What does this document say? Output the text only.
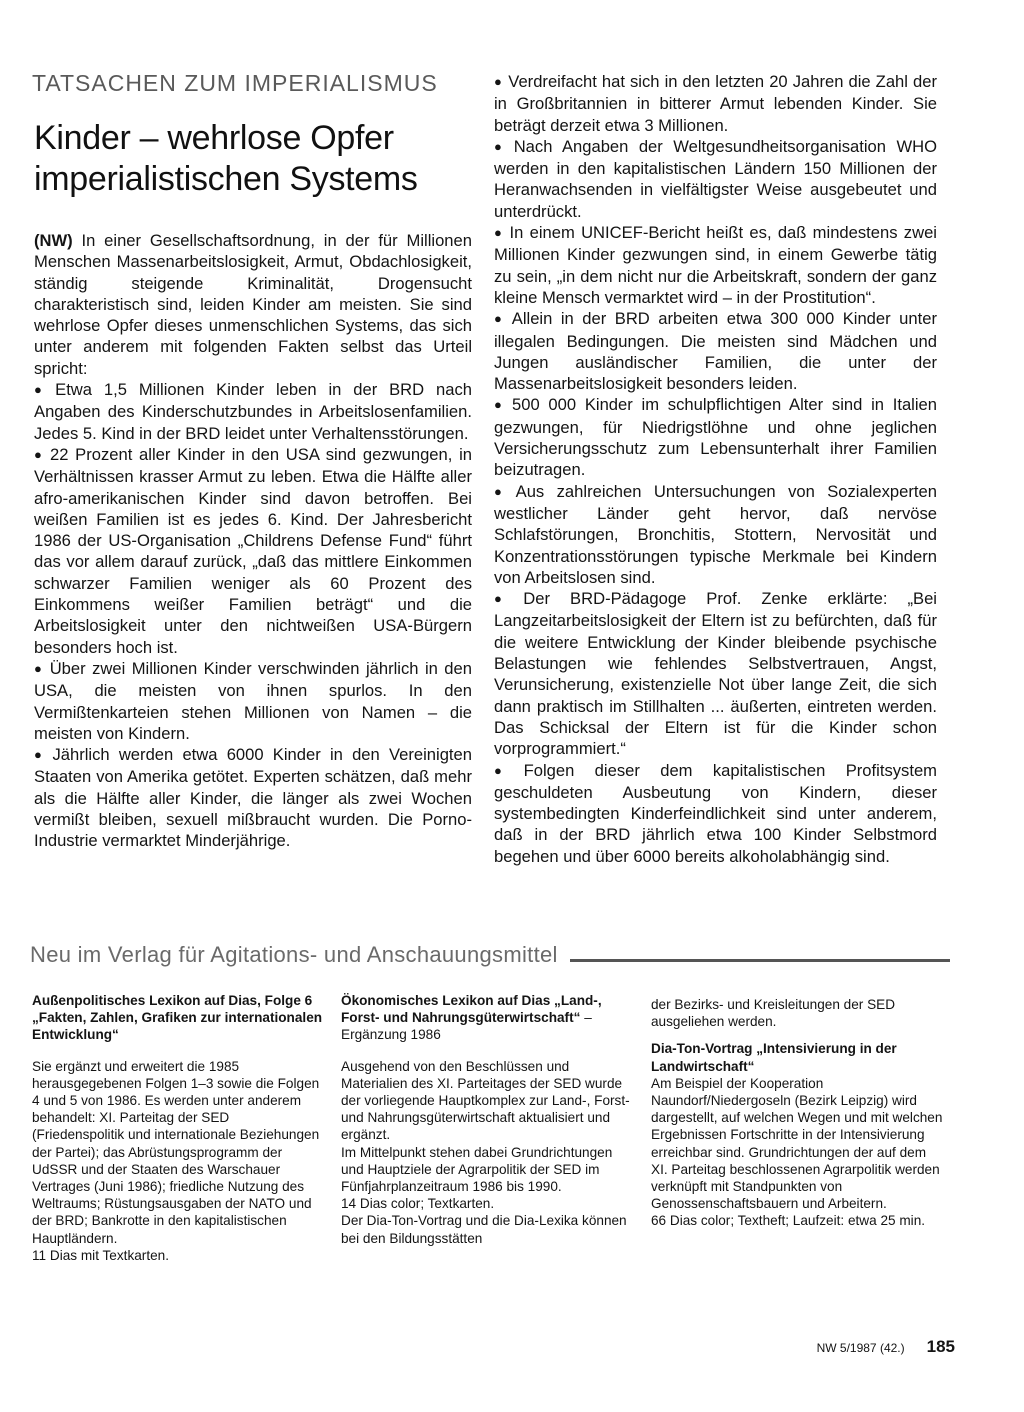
TATSACHEN ZUM IMPERIALISMUS
Kinder – wehrlose Opfer imperialistischen Systems

(NW) In einer Gesellschaftsordnung, in der für Millionen Menschen Massenarbeitslosigkeit, Armut, Obdachlosigkeit, ständig steigende Kriminalität, Drogensucht charakteristisch sind, leiden Kinder am meisten. Sie sind wehrlose Opfer dieses unmenschlichen Systems, das sich unter anderem mit folgenden Fakten selbst das Urteil spricht:

● Etwa 1,5 Millionen Kinder leben in der BRD nach Angaben des Kinderschutzbundes in Arbeitslosenfamilien. Jedes 5. Kind in der BRD leidet unter Verhaltensstörungen.

● 22 Prozent aller Kinder in den USA sind gezwungen, in Verhältnissen krasser Armut zu leben. Etwa die Hälfte aller afro-amerikanischen Kinder sind davon betroffen. Bei weißen Familien ist es jedes 6. Kind. Der Jahresbericht 1986 der US-Organisation „Childrens Defense Fund“ führt das vor allem darauf zurück, „daß das mittlere Einkommen schwarzer Familien weniger als 60 Prozent des Einkommens weißer Familien beträgt“ und die Arbeitslosigkeit unter den nichtweißen USA-Bürgern besonders hoch ist.

● Über zwei Millionen Kinder verschwinden jährlich in den USA, die meisten von ihnen spurlos. In den Vermißtenkarteien stehen Millionen von Namen – die meisten von Kindern.

● Jährlich werden etwa 6000 Kinder in den Vereinigten Staaten von Amerika getötet. Experten schätzen, daß mehr als die Hälfte aller Kinder, die länger als zwei Wochen vermißt bleiben, sexuell mißbraucht wurden. Die Porno-Industrie vermarktet Minderjährige.

● Verdreifacht hat sich in den letzten 20 Jahren die Zahl der in Großbritannien in bitterer Armut lebenden Kinder. Sie beträgt derzeit etwa 3 Millionen.

● Nach Angaben der Weltgesundheitsorganisation WHO werden in den kapitalistischen Ländern 150 Millionen der Heranwachsenden in vielfältigster Weise ausgebeutet und unterdrückt.

● In einem UNICEF-Bericht heißt es, daß mindestens zwei Millionen Kinder gezwungen sind, in einem Gewerbe tätig zu sein, „in dem nicht nur die Arbeitskraft, sondern der ganz kleine Mensch vermarktet wird – in der Prostitution“.

● Allein in der BRD arbeiten etwa 300 000 Kinder unter illegalen Bedingungen. Die meisten sind Mädchen und Jungen ausländischer Familien, die unter der Massenarbeitslosigkeit besonders leiden.

● 500 000 Kinder im schulpflichtigen Alter sind in Italien gezwungen, für Niedrigstlöhne und ohne jeglichen Versicherungsschutz zum Lebensunterhalt ihrer Familien beizutragen.

● Aus zahlreichen Untersuchungen von Sozialexperten westlicher Länder geht hervor, daß nervöse Schlafstörungen, Bronchitis, Stottern, Nervosität und Konzentrationsstörungen typische Merkmale bei Kindern von Arbeitslosen sind.

● Der BRD-Pädagoge Prof. Zenke erklärte: „Bei Langzeitarbeitslosigkeit der Eltern ist zu befürchten, daß für die weitere Entwicklung der Kinder bleibende psychische Belastungen wie fehlendes Selbstvertrauen, Angst, Verunsicherung, existenzielle Not über lange Zeit, die sich dann praktisch im Stillhalten ... äußerten, eintreten werden. Das Schicksal der Eltern ist für die Kinder schon vorprogrammiert.“

● Folgen dieser dem kapitalistischen Profitsystem geschuldeten Ausbeutung von Kindern, dieser systembedingten Kinderfeindlichkeit sind unter anderem, daß in der BRD jährlich etwa 100 Kinder Selbstmord begehen und über 6000 bereits alkoholabhängig sind.

Neu im Verlag für Agitations- und Anschauungsmittel

Außenpolitisches Lexikon auf Dias, Folge 6 „Fakten, Zahlen, Grafiken zur internationalen Entwicklung“

Sie ergänzt und erweitert die 1985 herausgegebenen Folgen 1–3 sowie die Folgen 4 und 5 von 1986. Es werden unter anderem behandelt: XI. Parteitag der SED (Friedenspolitik und internationale Beziehungen der Partei); das Abrüstungsprogramm der UdSSR und der Staaten des Warschauer Vertrages (Juni 1986); friedliche Nutzung des Weltraums; Rüstungsausgaben der NATO und der BRD; Bankrotte in den kapitalistischen Hauptländern.

11 Dias mit Textkarten.

Ökonomisches Lexikon auf Dias „Land-, Forst- und Nahrungsgüterwirtschaft“ – Ergänzung 1986

Ausgehend von den Beschlüssen und Materialien des XI. Parteitages der SED wurde der vorliegende Hauptkomplex zur Land-, Forst- und Nahrungsgüterwirtschaft aktualisiert und ergänzt.

Im Mittelpunkt stehen dabei Grundrichtungen und Hauptziele der Agrarpolitik der SED im Fünfjahrplanzeitraum 1986 bis 1990.

14 Dias color; Textkarten.

Der Dia-Ton-Vortrag und die Dia-Lexika können bei den Bildungsstätten

der Bezirks- und Kreisleitungen der SED ausgeliehen werden.

Dia-Ton-Vortrag „Intensivierung in der Landwirtschaft“

Am Beispiel der Kooperation Naundorf/Niedergoseln (Bezirk Leipzig) wird dargestellt, auf welchen Wegen und mit welchen Ergebnissen Fortschritte in der Intensivierung erreichbar sind. Grundrichtungen der auf dem XI. Parteitag beschlossenen Agrarpolitik werden verknüpft mit Standpunkten von Genossenschaftsbauern und Arbeitern.

66 Dias color; Textheft; Laufzeit: etwa 25 min.

NW 5/1987 (42.) 185
